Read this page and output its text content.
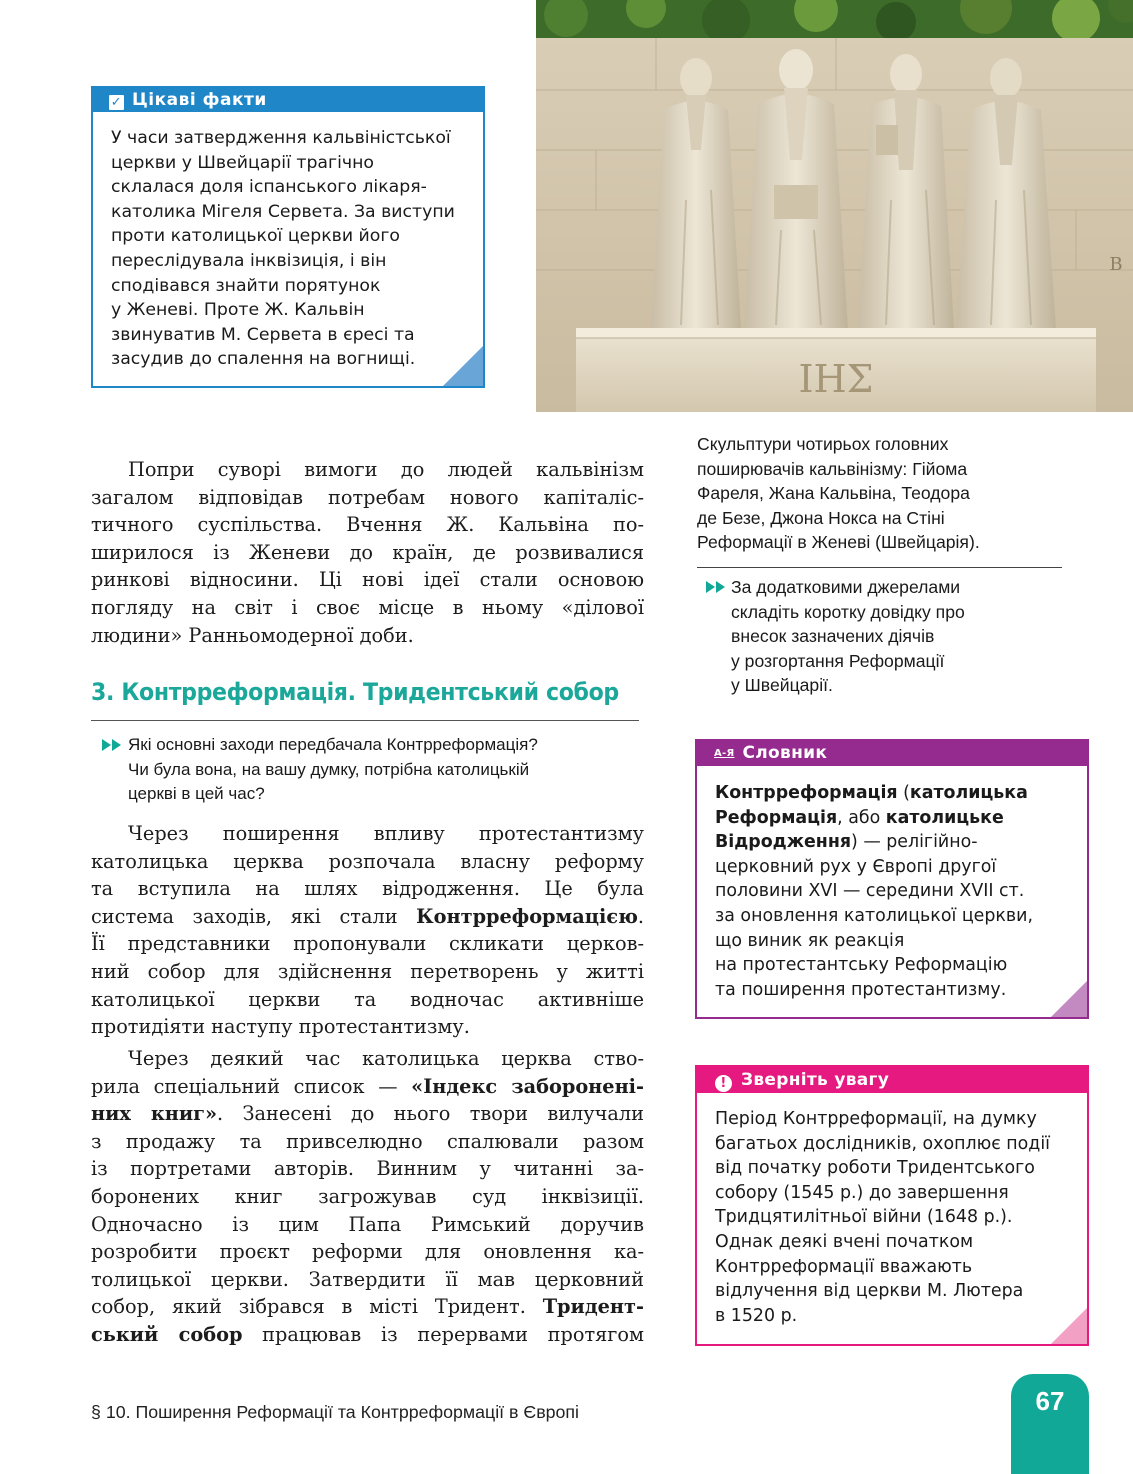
ΙΗΣ
B
✓ Цікаві факти
У часи затвердження кальвіністської
церкви у Швейцарії трагічно
склалася доля іспанського лікаря-
католика Мігеля Сервета. За виступи
проти католицької церкви його
переслідувала інквізиція, і він
сподівався знайти порятунок
у Женеві. Проте Ж. Кальвін
звинуватив М. Сервета в єресі та
засудив до спалення на вогнищі.
Попри суворі вимоги до людей кальвінізм
загалом відповідав потребам нового капіталіс-
тичного суспільства. Вчення Ж. Кальвіна по-
ширилося із Женеви до країн, де розвивалися
ринкові відносини. Ці нові ідеї стали основою
погляду на світ і своє місце в ньому «ділової
людини» Ранньомодерної доби.
3. Контрреформація. Тридентський собор
Які основні заходи передбачала Контрреформація?
Чи була вона, на вашу думку, потрібна католицькій
церкві в цей час?
Через поширення впливу протестантизму
католицька церква розпочала власну реформу
та вступила на шлях відродження. Це була
система заходів, які стали Контрреформацією.
Її представники пропонували скликати церков-
ний собор для здійснення перетворень у житті
католицької церкви та водночас активніше
протидіяти наступу протестантизму.
Через деякий час католицька церква ство-
рила спеціальний список — «Індекс заборонені-
них книг». Занесені до нього твори вилучали
з продажу та привселюдно спалювали разом
із портретами авторів. Винним у читанні за-
боронених книг загрожував суд інквізиції.
Одночасно із цим Папа Римський доручив
розробити проєкт реформи для оновлення ка-
толицької церкви. Затвердити її мав церковний
собор, який зібрався в місті Тридент. Тридент-
ський собор працював із перервами протягом
Скульптури чотирьох головних
поширювачів кальвінізму: Гійома
Фареля, Жана Кальвіна, Теодора
де Безе, Джона Нокса на Стіні
Реформації в Женеві (Швейцарія).
За додатковими джерелами
складіть коротку довідку про
внесок зазначених діячів
у розгортання Реформації
у Швейцарії.
А-Я Словник
Контрреформація (католицька
Реформація, або католицьке
Відродження) — релігійно-
церковний рух у Європі другої
половини XVI — середини XVII ст.
за оновлення католицької церкви,
що виник як реакція
на протестантську Реформацію
та поширення протестантизму.
! Зверніть увагу
Період Контрреформації, на думку
багатьох дослідників, охоплює події
від початку роботи Тридентського
собору (1545 р.) до завершення
Тридцятилітньої війни (1648 р.).
Однак деякі вчені початком
Контрреформації вважають
відлучення від церкви М. Лютера
в 1520 р.
§ 10. Поширення Реформації та Контрреформації в Європі	67
